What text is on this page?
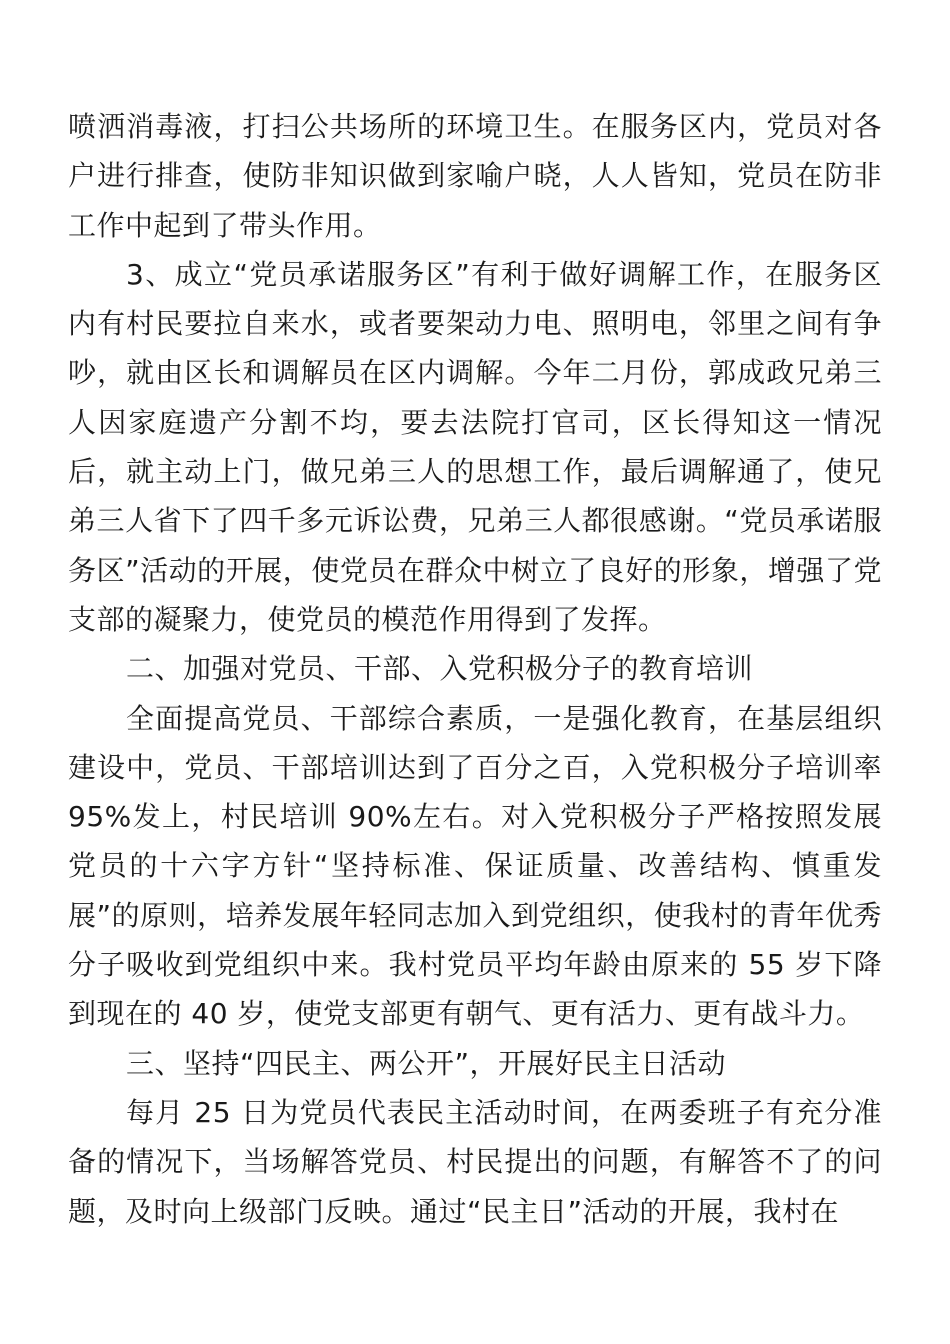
喷洒消毒液，打扫公共场所的环境卫生。在服务区内，党员对各户进行排查，使防非知识做到家喻户晓，人人皆知，党员在防非工作中起到了带头作用。

3、成立“党员承诺服务区”有利于做好调解工作，在服务区内有村民要拉自来水，或者要架动力电、照明电，邻里之间有争吵，就由区长和调解员在区内调解。今年二月份，郭成政兄弟三人因家庭遗产分割不均，要去法院打官司，区长得知这一情况后，就主动上门，做兄弟三人的思想工作，最后调解通了，使兄弟三人省下了四千多元诉讼费，兄弟三人都很感谢。“党员承诺服务区”活动的开展，使党员在群众中树立了良好的形象，增强了党支部的凝聚力，使党员的模范作用得到了发挥。

二、加强对党员、干部、入党积极分子的教育培训

全面提高党员、干部综合素质，一是强化教育，在基层组织建设中，党员、干部培训达到了百分之百，入党积极分子培训率95%发上，村民培训 90%左右。对入党积极分子严格按照发展党员的十六字方针“坚持标准、保证质量、改善结构、慎重发展”的原则，培养发展年轻同志加入到党组织，使我村的青年优秀分子吸收到党组织中来。我村党员平均年龄由原来的 55 岁下降到现在的 40 岁，使党支部更有朝气、更有活力、更有战斗力。

三、坚持“四民主、两公开”，开展好民主日活动

每月 25 日为党员代表民主活动时间，在两委班子有充分准备的情况下，当场解答党员、村民提出的问题，有解答不了的问题，及时向上级部门反映。通过“民主日”活动的开展，我村在
